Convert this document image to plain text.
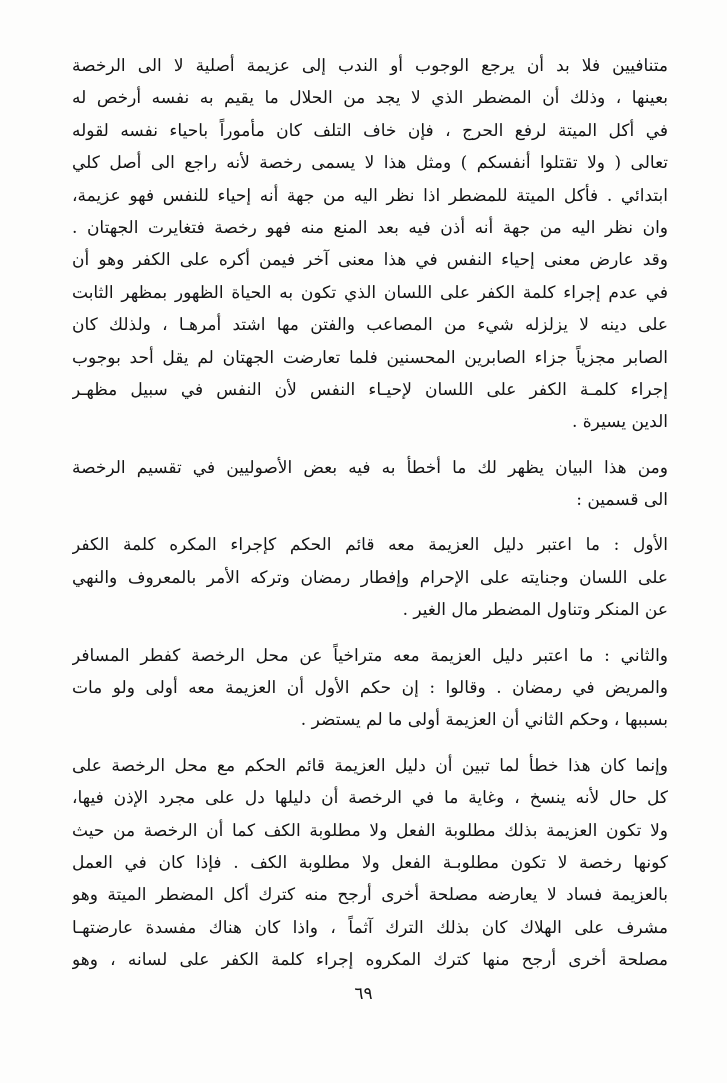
متنافيين فلا بد أن يرجع الوجوب أو الندب إلى عزيمة أصلية لا الى الرخصة
بعينها ، وذلك أن المضطر الذي لا يجد من الحلال ما يقيم به نفسه أرخص له
في أكل الميتة لرفع الحرج ، فإن خاف التلف كان مأموراً باحياء نفسه لقوله
تعالى ( ولا تقتلوا أنفسكم ) ومثل هذا لا يسمى رخصة لأنه راجع الى أصل كلي
ابتدائي . فأكل الميتة للمضطر اذا نظر اليه من جهة أنه إحياء للنفس فهو عزيمة،
وان نظر اليه من جهة أنه أذن فيه بعد المنع منه فهو رخصة فتغايرت الجهتان .
وقد عارض معنى إحياء النفس في هذا معنى آخر فيمن أكره على الكفر وهو أن
في عدم إجراء كلمة الكفر على اللسان الذي تكون به الحياة الظهور بمظهر الثابت
على دينه لا يزلزله شيء من المصاعب والفتن مها اشتد أمرهـا ، ولذلك كان
الصابر مجزياً جزاء الصابرين المحسنين فلما تعارضت الجهتان لم يقل أحد بوجوب
إجراء كلمـة الكفر على اللسان لإحيـاء النفس لأن النفس في سبيل مظهـر
الدين يسيرة .
ومن هذا البيان يظهر لك ما أخطأ به فيه بعض الأصوليين في تقسيم الرخصة
الى قسمين :
الأول : ما اعتبر دليل العزيمة معه قائم الحكم كإجراء المكره كلمة الكفر
على اللسان وجنايته على الإحرام وإفطار رمضان وتركه الأمر بالمعروف والنهي
عن المنكر وتناول المضطر مال الغير .
والثاني : ما اعتبر دليل العزيمة معه متراخياً عن محل الرخصة كفطر المسافر
والمريض في رمضان . وقالوا : إن حكم الأول أن العزيمة معه أولى ولو مات
بسببها ، وحكم الثاني أن العزيمة أولى ما لم يستضر .
وإنما كان هذا خطأ لما تبين أن دليل العزيمة قائم الحكم مع محل الرخصة على
كل حال لأنه ينسخ ، وغاية ما في الرخصة أن دليلها دل على مجرد الإذن فيها،
ولا تكون العزيمة بذلك مطلوبة الفعل ولا مطلوبة الكف كما أن الرخصة من حيث
كونها رخصة لا تكون مطلوبـة الفعل ولا مطلوبة الكف . فإذا كان في العمل
بالعزيمة فساد لا يعارضه مصلحة أخرى أرجح منه كترك أكل المضطر الميتة وهو
مشرف على الهلاك كان بذلك الترك آثماً ، واذا كان هناك مفسدة عارضتهـا
مصلحة أخرى أرجح منها كترك المكروه إجراء كلمة الكفر على لسانه ، وهو
٦٩
